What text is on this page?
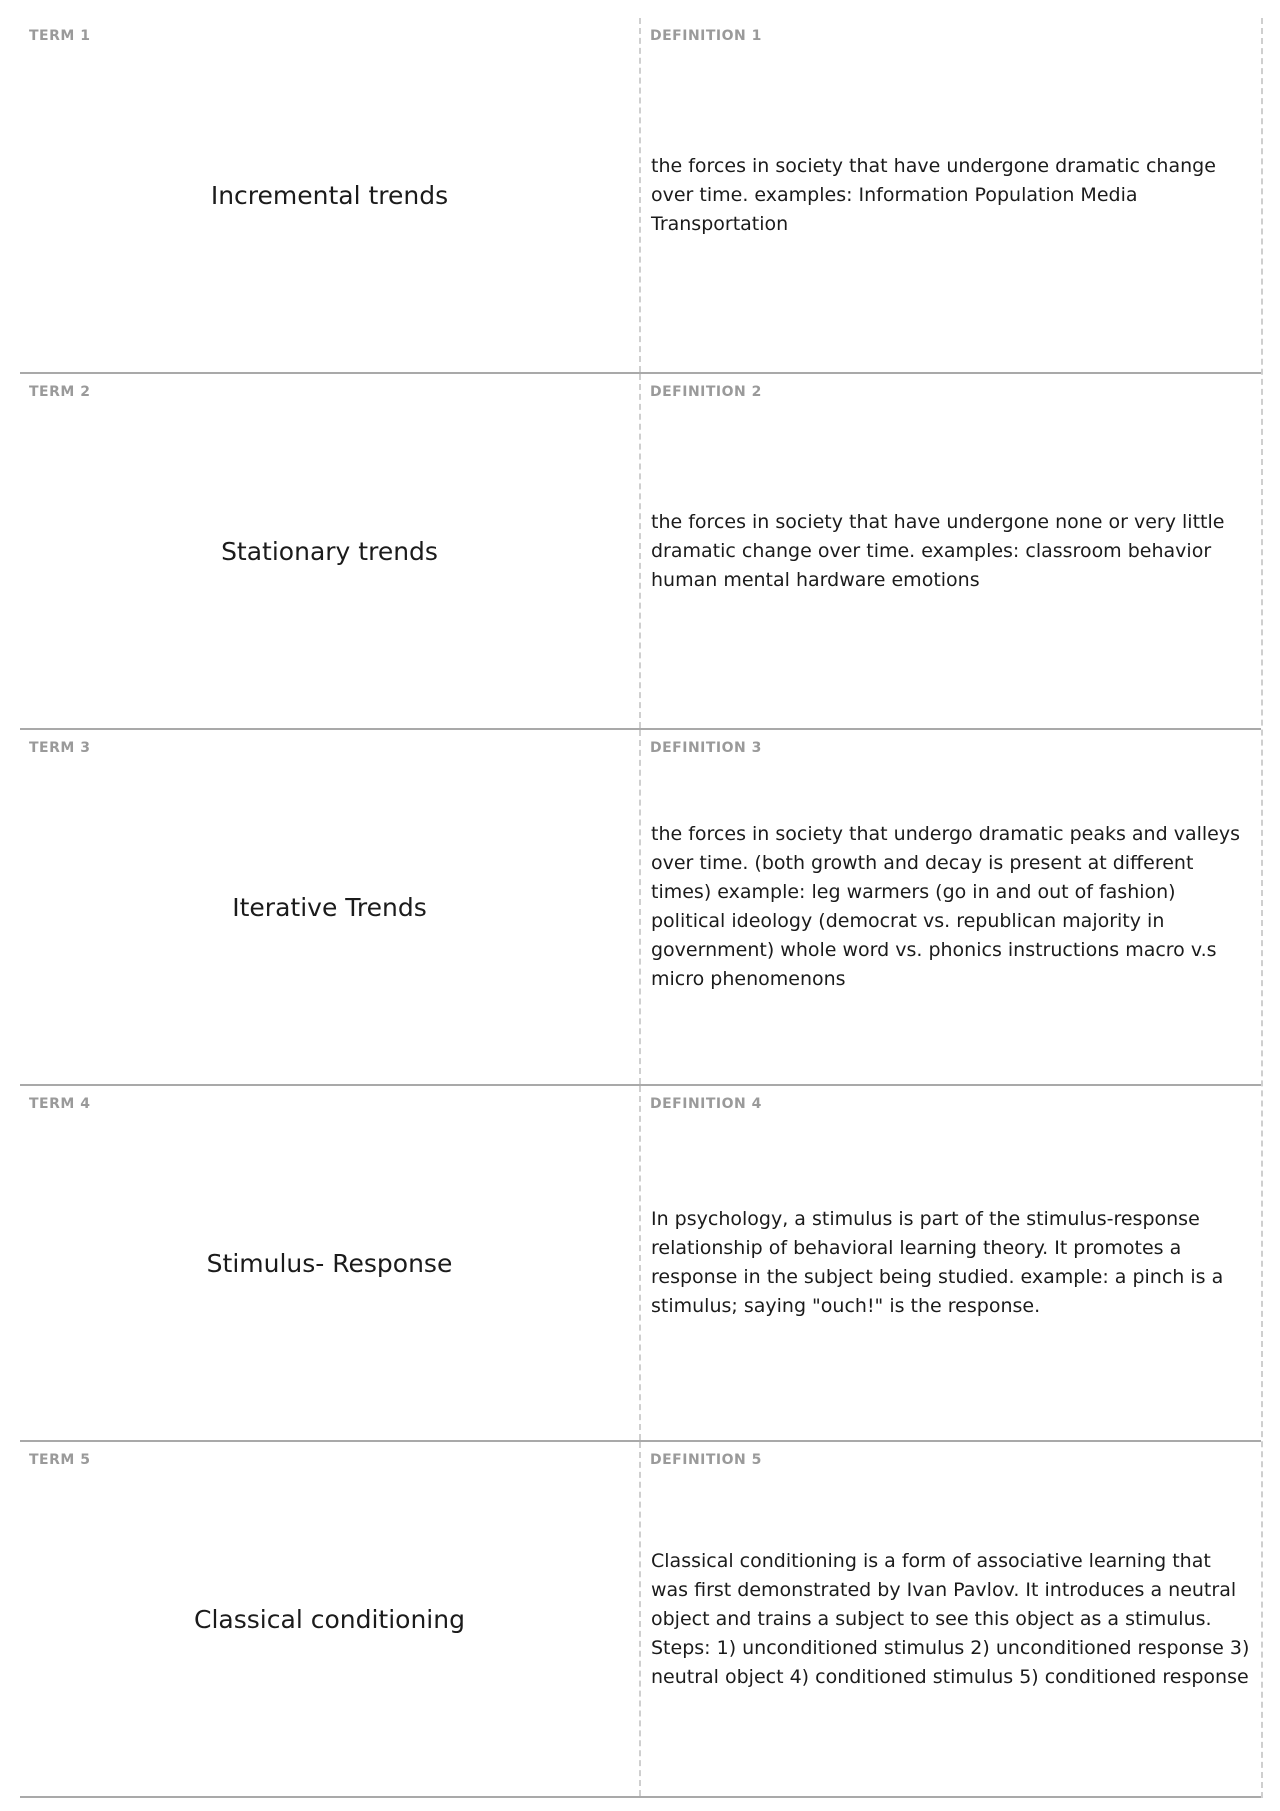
TERM 1
Incremental trends
DEFINITION 1
the forces in society that have undergone dramatic change over time. examples: Information Population Media Transportation
TERM 2
Stationary trends
DEFINITION 2
the forces in society that have undergone none or very little dramatic change over time. examples: classroom behavior human mental hardware emotions
TERM 3
Iterative Trends
DEFINITION 3
the forces in society that undergo dramatic peaks and valleys over time. (both growth and decay is present at different times) example: leg warmers (go in and out of fashion) political ideology (democrat vs. republican majority in government) whole word vs. phonics instructions macro v.s micro phenomenons
TERM 4
Stimulus- Response
DEFINITION 4
In psychology, a stimulus is part of the stimulus-response relationship of behavioral learning theory. It promotes a response in the subject being studied. example: a pinch is a stimulus; saying "ouch!" is the response.
TERM 5
Classical conditioning
DEFINITION 5
Classical conditioning is a form of associative learning that was first demonstrated by Ivan Pavlov. It introduces a neutral object and trains a subject to see this object as a stimulus. Steps: 1) unconditioned stimulus 2) unconditioned response 3) neutral object 4) conditioned stimulus 5) conditioned response
